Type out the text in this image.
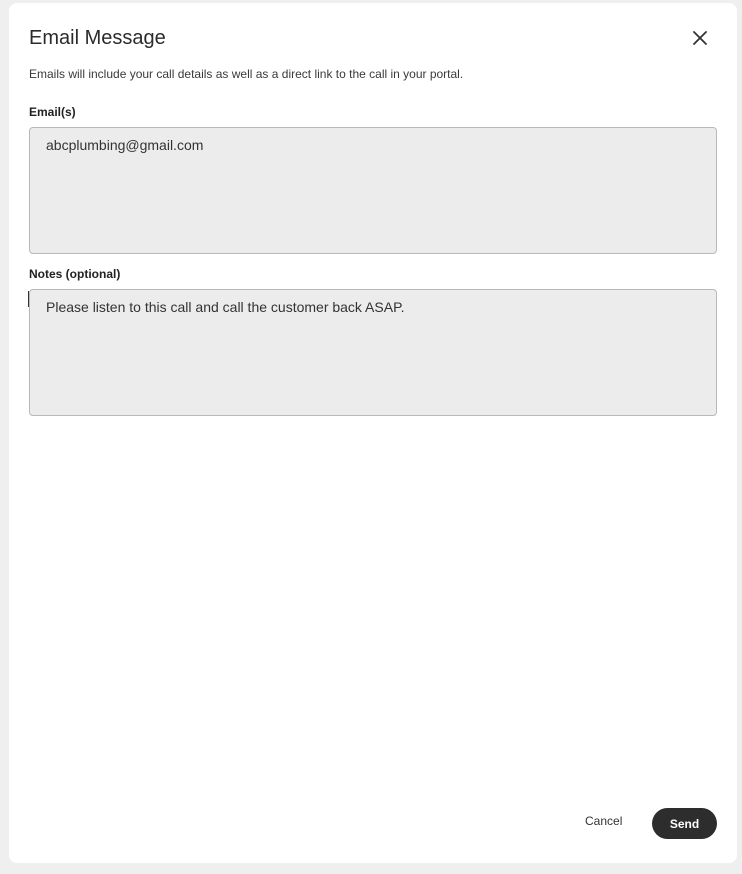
Email Message
Emails will include your call details as well as a direct link to the call in your portal.
Email(s)
abcplumbing@gmail.com
Notes (optional)
Please listen to this call and call the customer back ASAP.
Cancel	Send
